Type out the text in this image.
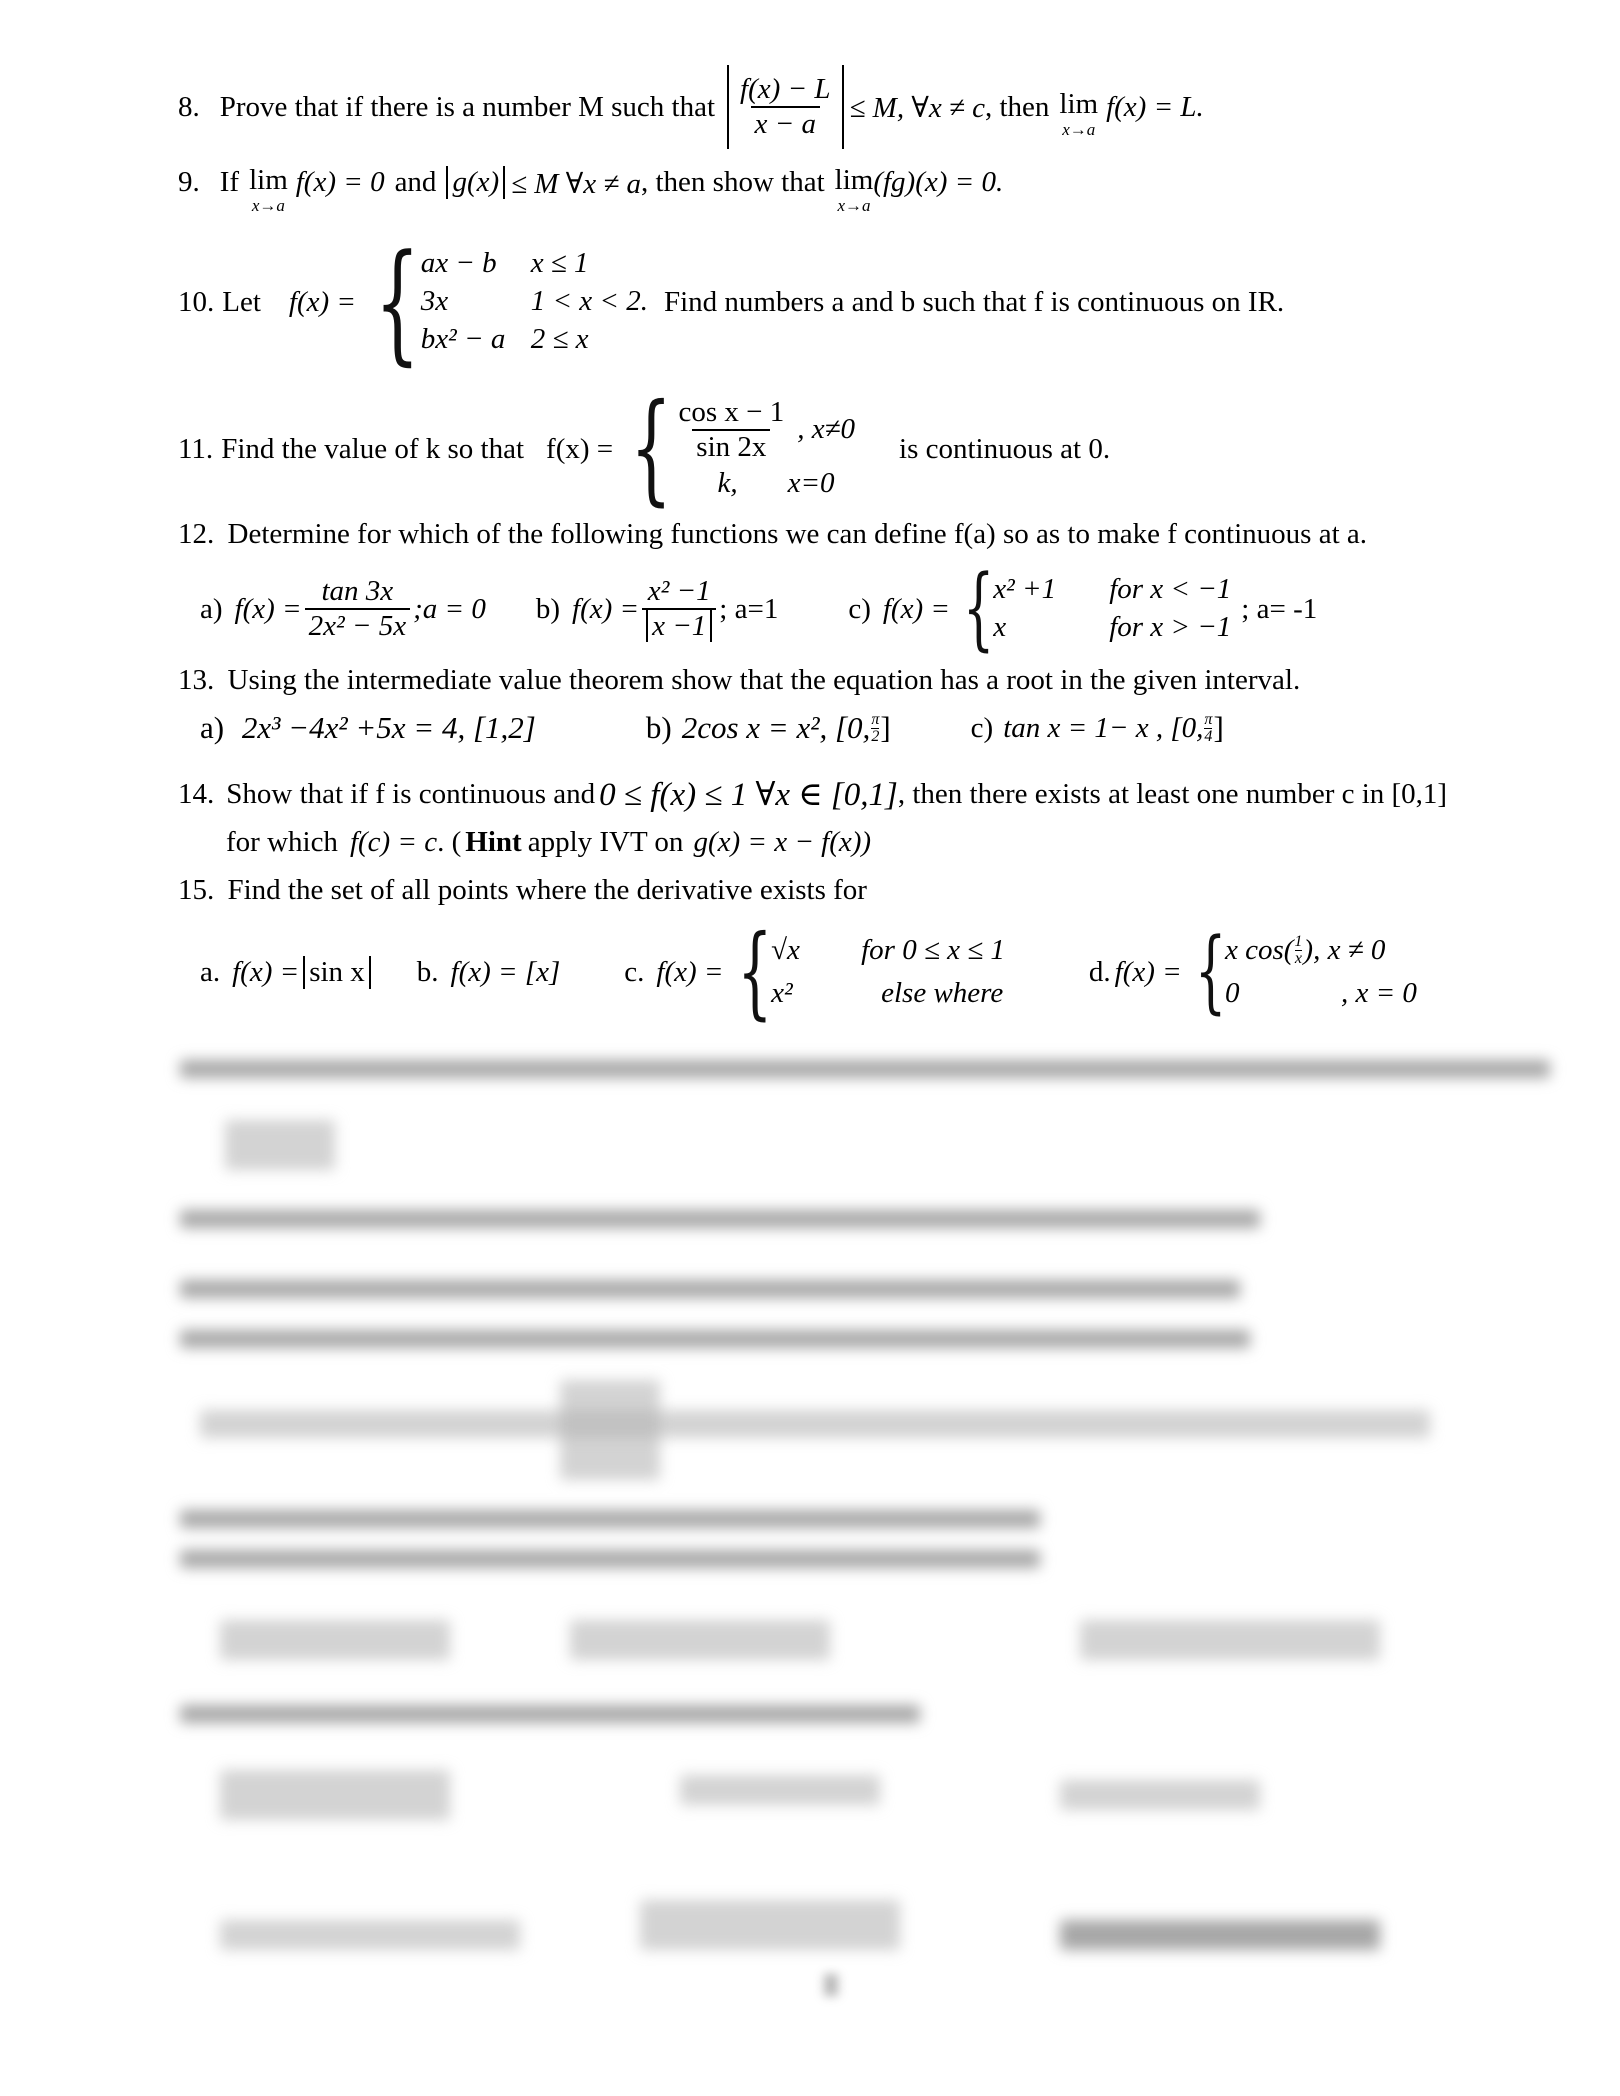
8. Prove that if there is a number M such that $\frac{f(x) - L}{x - a} \le M$, ∀x ≠ c , then lim
x→a
f(x) = L.
9. If lim
x→a
f(x) = 0 and g(x) ≤ M ∀x ≠ a , then show that lim
x→a
(fg)(x) = 0.
10. Let f(x) = { ax − b x ≤ 1
3x	1 < x < 2.
bx² − a 2 ≤ x
Find numbers a and b such that f is continuous on IR.
11. Find the value of k so that f(x) = { $\frac{\text{cos x − 1}}{\sin 2x}$ , x≠0
k, x=0
is continuous at 0.
12. Determine for which of the following functions we can define f(a) so as to make f continuous at a.
a) $f(x) = \frac{\tan 3x}{\text{2x² − 5x}}$ ;a = 0 b) $f(x) = \frac{\text{x² −1}}{x -1}$ ; a=1 c) f(x) = {
x² +1	for x < −1
x	for x > −1
; a= -1
13. Using the intermediate value theorem show that the equation has a root in the given interval.
a) 2x³ −4x² +5x = 4, [1,2]	b) 2cos x = x², [0, $\frac{\pi}{2}$ ]	c) tan x = 1− x , [0, $\frac{\pi}{4}$ ]
14. Show that if f is continuous and 0 ≤ f(x) ≤ 1 ∀x ∈ [0,1] , then there exists at least one number c in [0,1]
for which f(c) = c . ( Hint apply IVT on g(x) = x − f(x))
15. Find the set of all points where the derivative exists for
a. f(x) = sin x b. f(x) = [x] c. f(x) = {
√x	for 0 ≤ x ≤ 1
x²	else where
d. f(x) = {
x $\cos( \frac{1}{x}$ ), x ≠ 0
0	, x = 0
